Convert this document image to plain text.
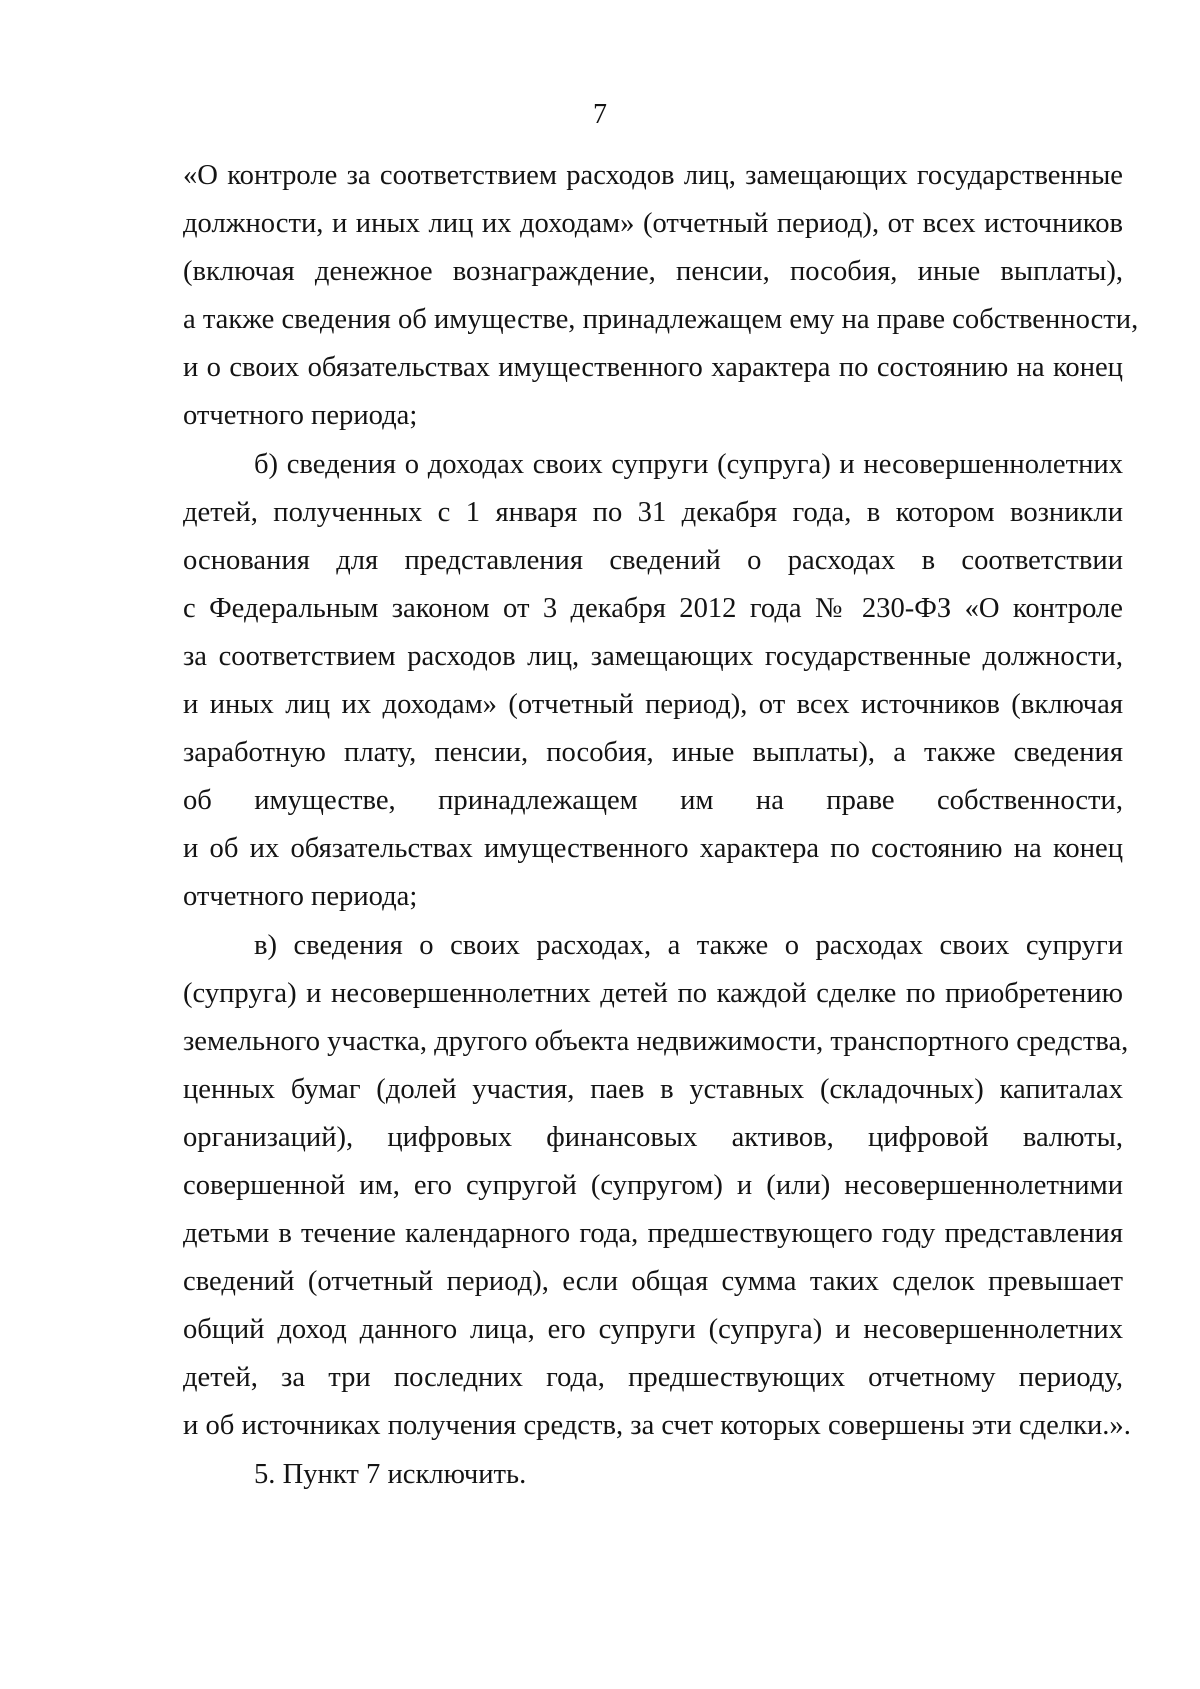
7
«О контроле за соответствием расходов лиц, замещающих государственные
должности, и иных лиц их доходам» (отчетный период), от всех источников
(включая денежное вознаграждение, пенсии, пособия, иные выплаты),
а также сведения об имуществе, принадлежащем ему на праве собственности,
и о своих обязательствах имущественного характера по состоянию на конец
отчетного периода;
б) сведения о доходах своих супруги (супруга) и несовершеннолетних
детей, полученных с 1 января по 31 декабря года, в котором возникли
основания для представления сведений о расходах в соответствии
с Федеральным законом от 3 декабря 2012 года № 230-ФЗ «О контроле
за соответствием расходов лиц, замещающих государственные должности,
и иных лиц их доходам» (отчетный период), от всех источников (включая
заработную плату, пенсии, пособия, иные выплаты), а также сведения
об имуществе, принадлежащем им на праве собственности,
и об их обязательствах имущественного характера по состоянию на конец
отчетного периода;
в) сведения о своих расходах, а также о расходах своих супруги
(супруга) и несовершеннолетних детей по каждой сделке по приобретению
земельного участка, другого объекта недвижимости, транспортного средства,
ценных бумаг (долей участия, паев в уставных (складочных) капиталах
организаций), цифровых финансовых активов, цифровой валюты,
совершенной им, его супругой (супругом) и (или) несовершеннолетними
детьми в течение календарного года, предшествующего году представления
сведений (отчетный период), если общая сумма таких сделок превышает
общий доход данного лица, его супруги (супруга) и несовершеннолетних
детей, за три последних года, предшествующих отчетному периоду,
и об источниках получения средств, за счет которых совершены эти сделки.».
5. Пункт 7 исключить.
